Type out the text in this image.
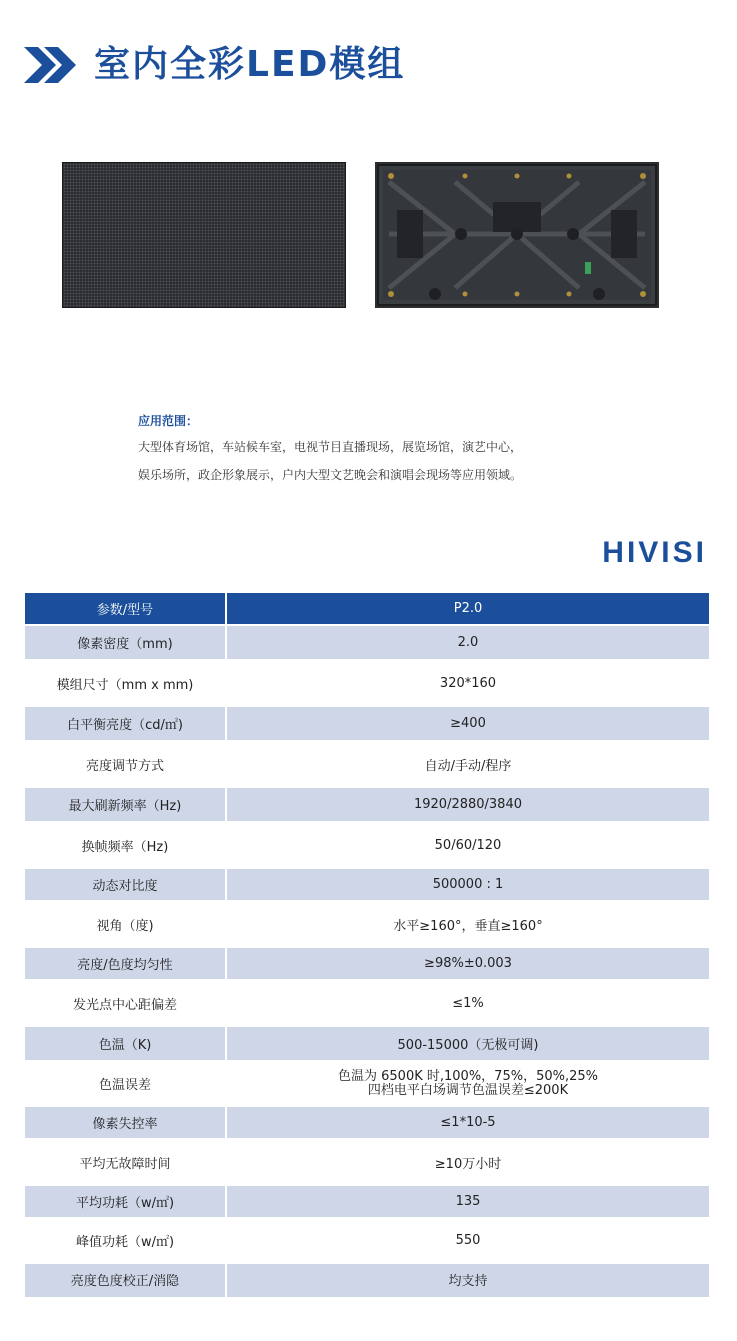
室内全彩LED模组
应用范围：
大型体育场馆，车站候车室，电视节目直播现场，展览场馆，演艺中心，
娱乐场所，政企形象展示，户内大型文艺晚会和演唱会现场等应用领域。
HIVISI
参数/型号	P2.0
像素密度（mm)	2.0
模组尺寸（mm x mm)	320*160
白平衡亮度（cd/㎡)	≥400
亮度调节方式	自动/手动/程序
最大刷新频率（Hz)	1920/2880/3840
换帧频率（Hz)	50/60/120
动态对比度	500000 : 1
视角（度)	水平≥160°，垂直≥160°
亮度/色度均匀性	≥98%±0.003
发光点中心距偏差	≤1%
色温（K)	500-15000（无极可调)
色温误差	色温为 6500K 时,100%，75%，50%,25%
四档电平白场调节色温误差≤200K

像素失控率	≤1*10-5
平均无故障时间	≥10万小时
平均功耗（w/㎡)	135
峰值功耗（w/㎡)	550
亮度色度校正/消隐	均支持
